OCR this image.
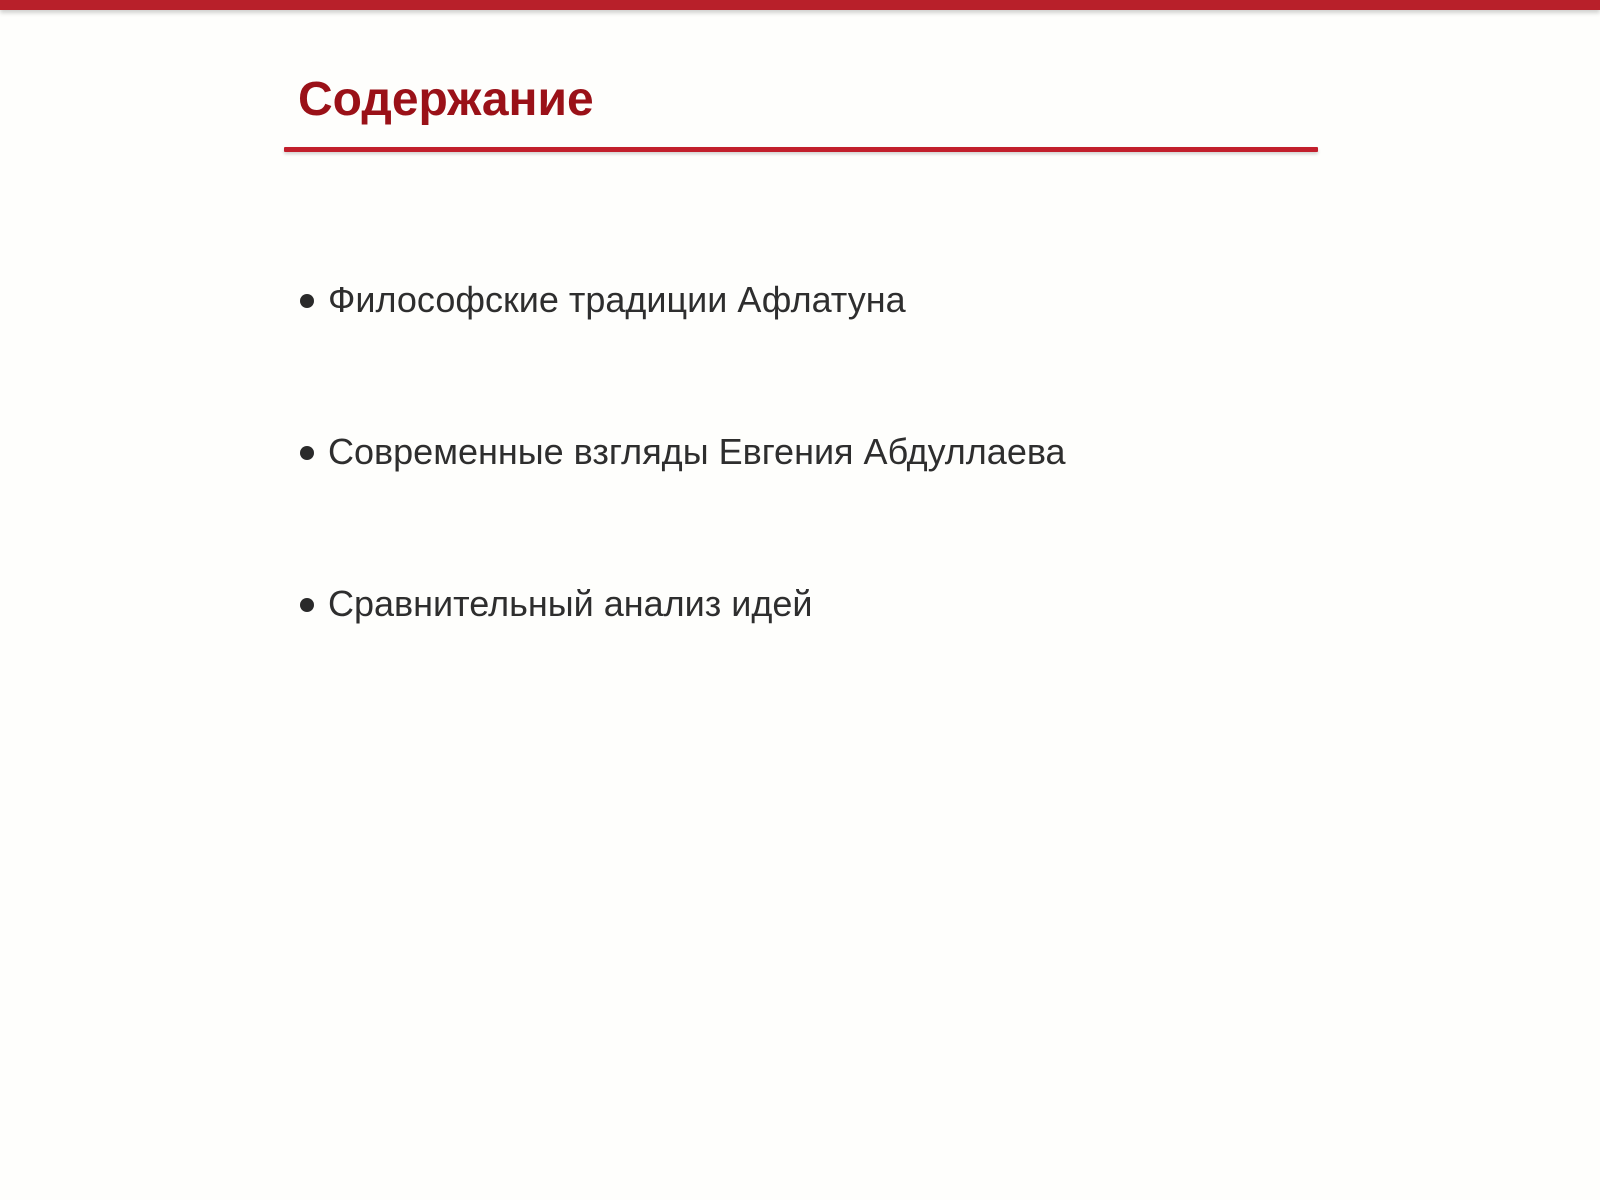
Содержание
Философские традиции Афлатуна
Современные взгляды Евгения Абдуллаева
Сравнительный анализ идей
